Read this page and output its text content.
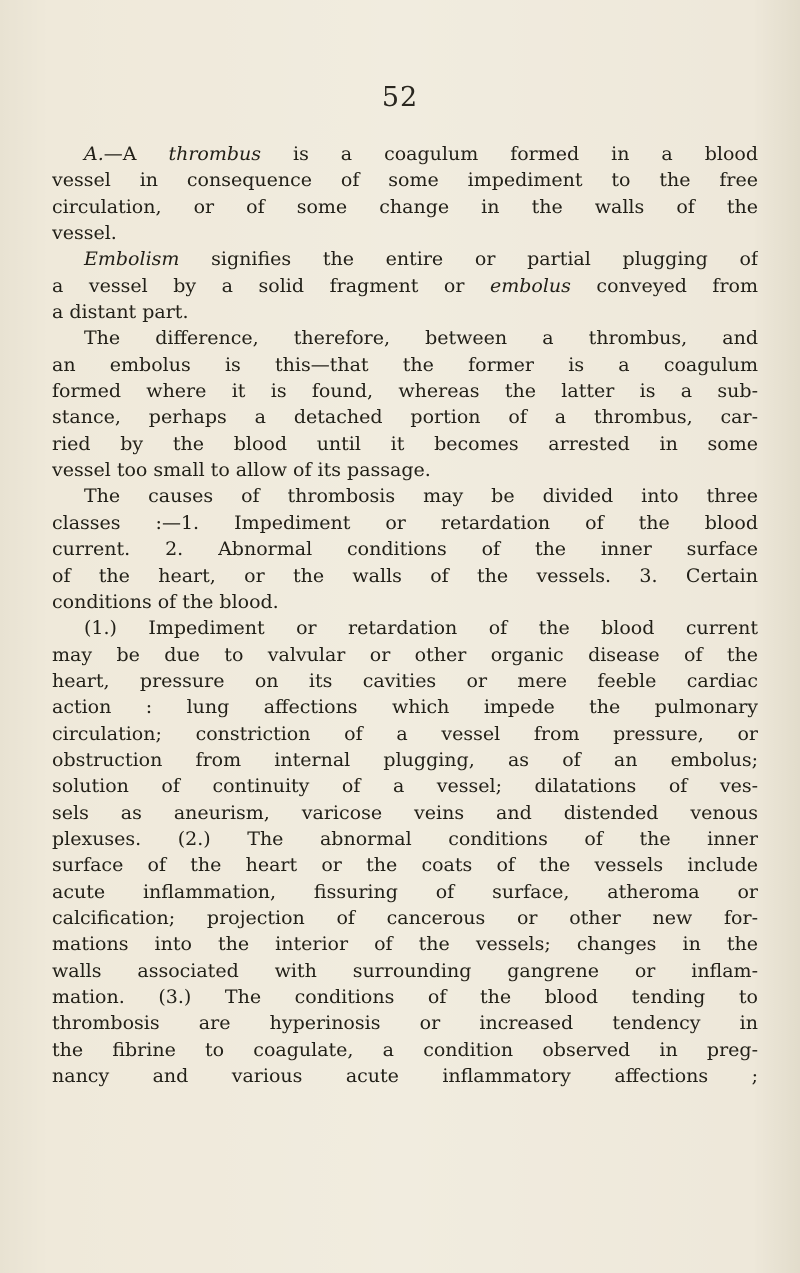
52
A.—A thrombus is a coagulum formed in a blood
vessel in consequence of some impediment to the free
circulation, or of some change in the walls of the
vessel.
Embolism signifies the entire or partial plugging of
a vessel by a solid fragment or embolus conveyed from
a distant part.
The difference, therefore, between a thrombus, and
an embolus is this—that the former is a coagulum
formed where it is found, whereas the latter is a sub-
stance, perhaps a detached portion of a thrombus, car-
ried by the blood until it becomes arrested in some
vessel too small to allow of its passage.
The causes of thrombosis may be divided into three
classes :—1. Impediment or retardation of the blood
current. 2. Abnormal conditions of the inner surface
of the heart, or the walls of the vessels. 3. Certain
conditions of the blood.
(1.) Impediment or retardation of the blood current
may be due to valvular or other organic disease of the
heart, pressure on its cavities or mere feeble cardiac
action : lung affections which impede the pulmonary
circulation; constriction of a vessel from pressure, or
obstruction from internal plugging, as of an embolus;
solution of continuity of a vessel; dilatations of ves-
sels as aneurism, varicose veins and distended venous
plexuses. (2.) The abnormal conditions of the inner
surface of the heart or the coats of the vessels include
acute inflammation, fissuring of surface, atheroma or
calcification; projection of cancerous or other new for-
mations into the interior of the vessels; changes in the
walls associated with surrounding gangrene or inflam-
mation. (3.) The conditions of the blood tending to
thrombosis are hyperinosis or increased tendency in
the fibrine to coagulate, a condition observed in preg-
nancy and various acute inflammatory affections ;
